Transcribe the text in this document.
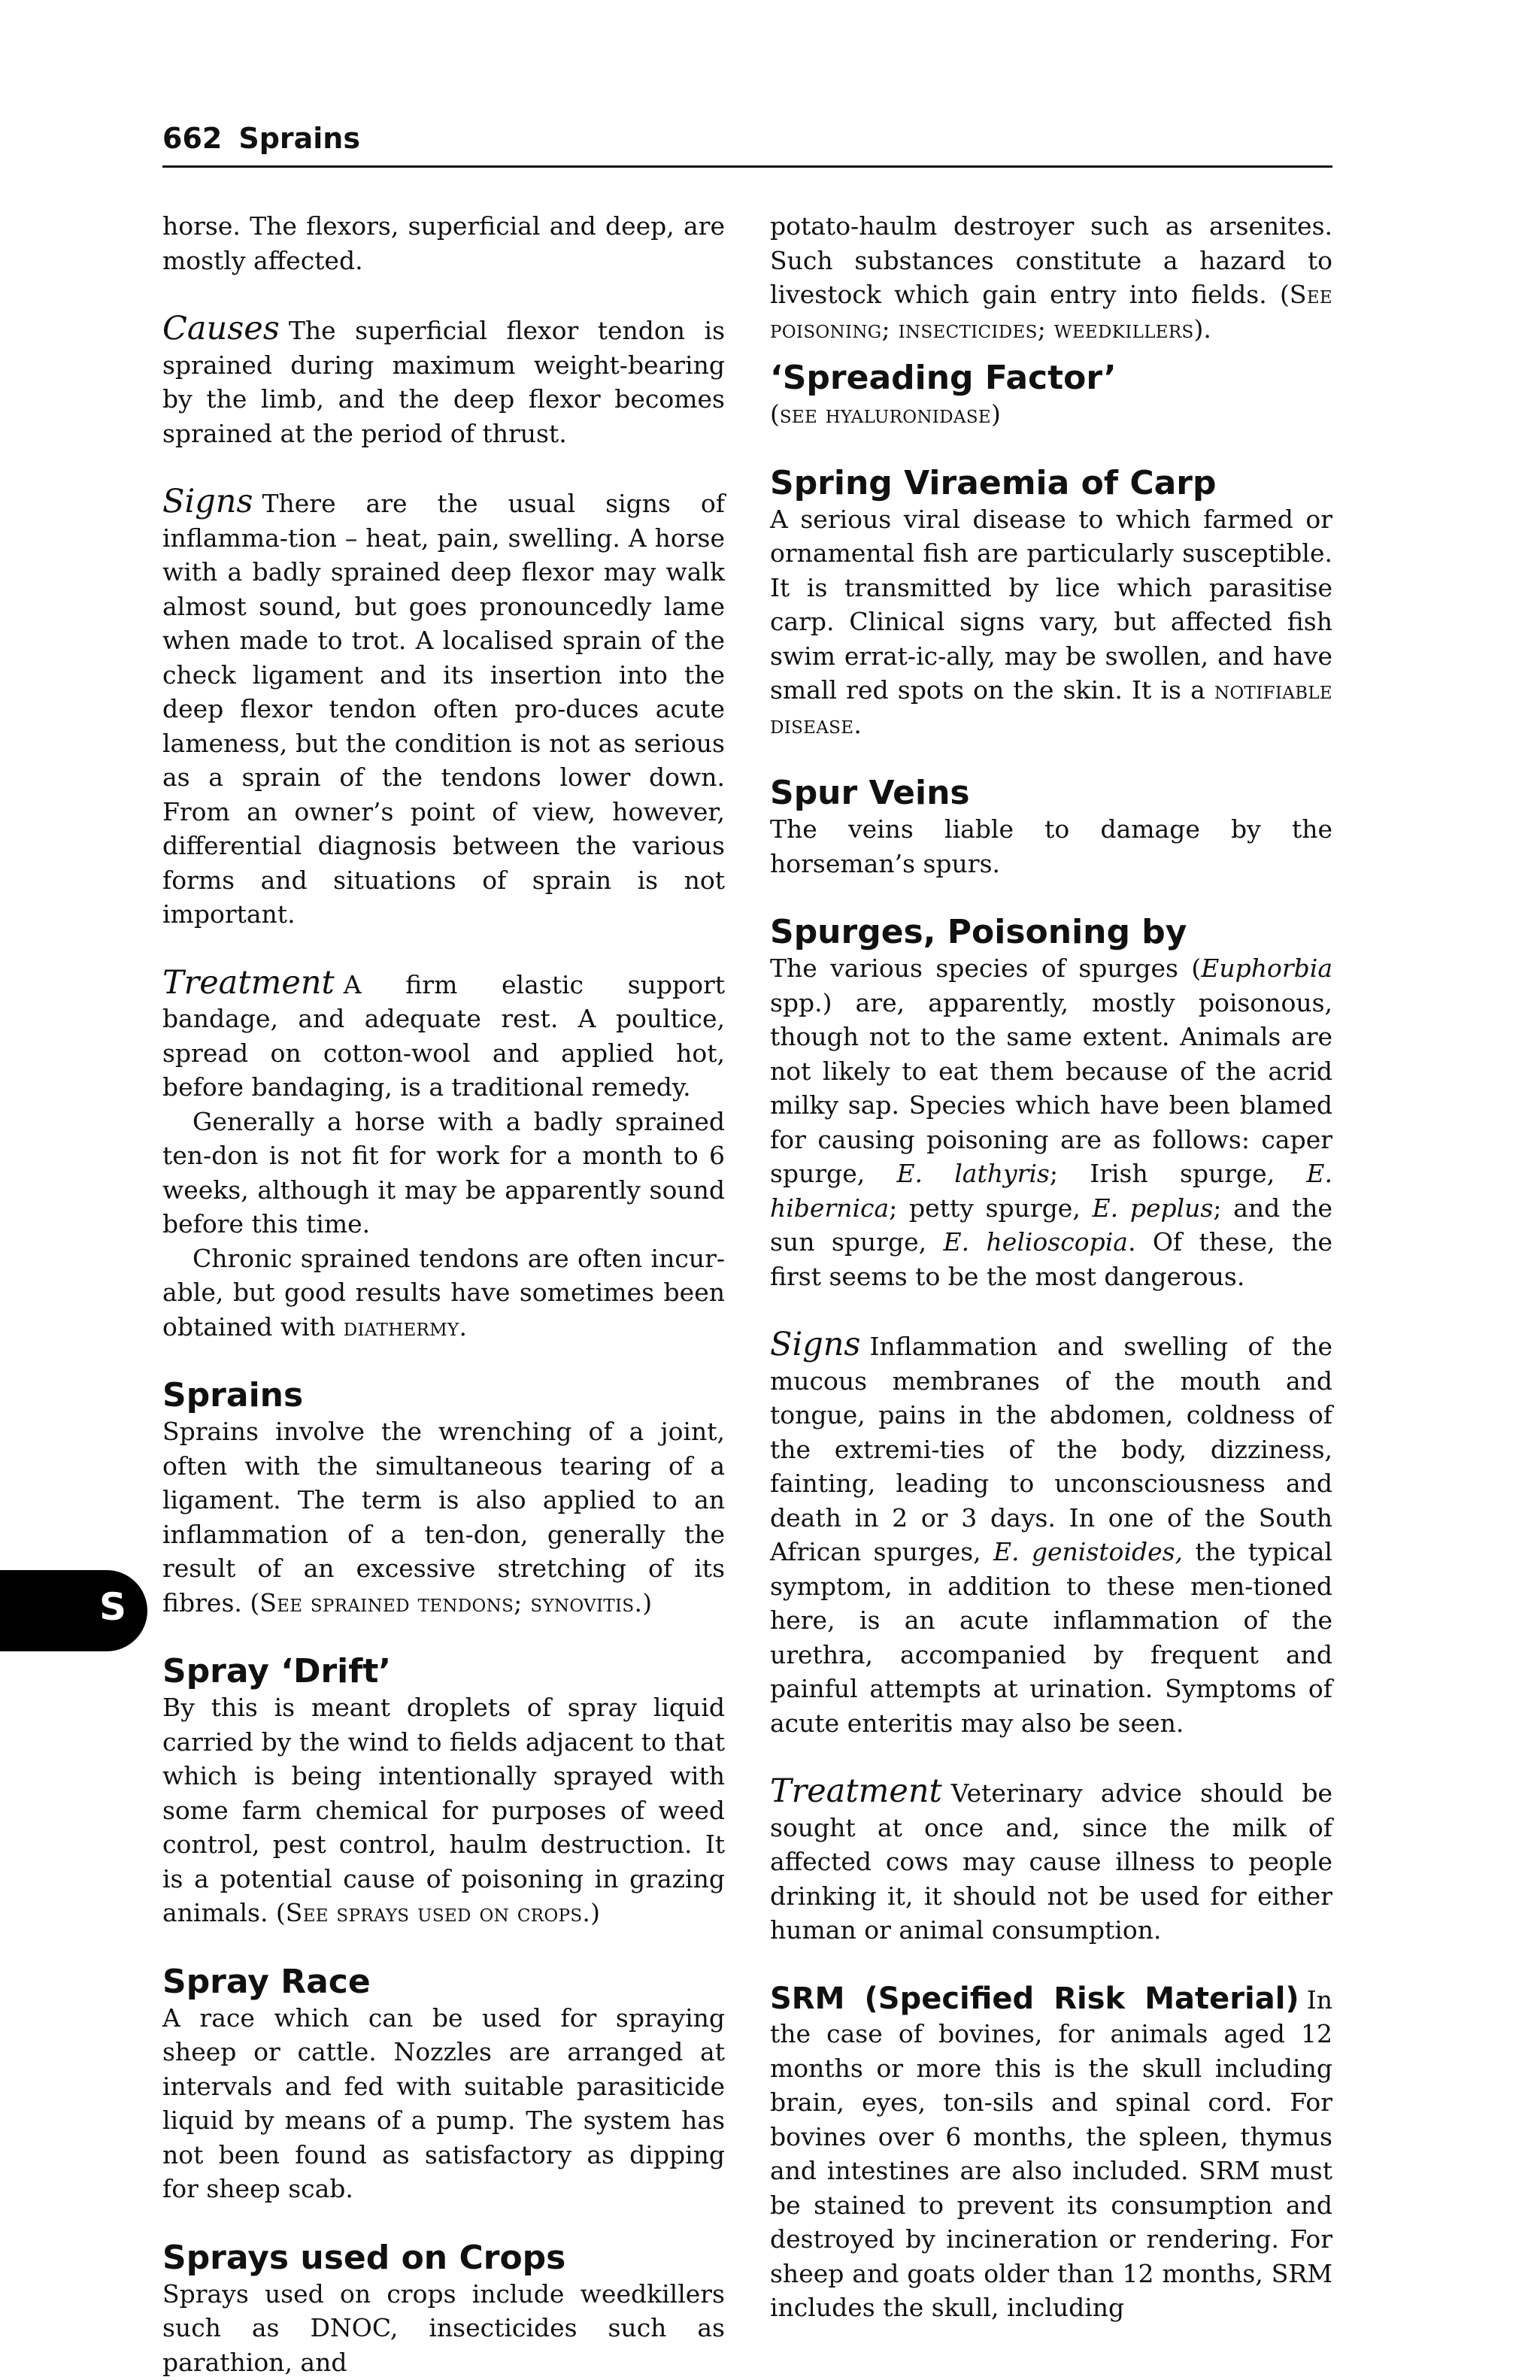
662 Sprains
S

horse. The flexors, superficial and deep, are mostly affected.

Causes The superficial flexor tendon is sprained during maximum weight-bearing by the limb, and the deep flexor becomes sprained at the period of thrust.

Signs There are the usual signs of inflamma-tion – heat, pain, swelling. A horse with a badly sprained deep flexor may walk almost sound, but goes pronouncedly lame when made to trot. A localised sprain of the check ligament and its insertion into the deep flexor tendon often pro-duces acute lameness, but the condition is not as serious as a sprain of the tendons lower down. From an owner’s point of view, however, differential diagnosis between the various forms and situations of sprain is not important.

Treatment A firm elastic support bandage, and adequate rest. A poultice, spread on cotton-wool and applied hot, before bandaging, is a traditional remedy.

Generally a horse with a badly sprained ten-don is not fit for work for a month to 6 weeks, although it may be apparently sound before this time.

Chronic sprained tendons are often incur-able, but good results have sometimes been obtained with diathermy.

Sprains

Sprains involve the wrenching of a joint, often with the simultaneous tearing of a ligament. The term is also applied to an inflammation of a ten-don, generally the result of an excessive stretching of its fibres. (See sprained tendons; synovitis.)

Spray ‘Drift’

By this is meant droplets of spray liquid carried by the wind to fields adjacent to that which is being intentionally sprayed with some farm chemical for purposes of weed control, pest control, haulm destruction. It is a potential cause of poisoning in grazing animals. (See sprays used on crops.)

Spray Race

A race which can be used for spraying sheep or cattle. Nozzles are arranged at intervals and fed with suitable parasiticide liquid by means of a pump. The system has not been found as satisfactory as dipping for sheep scab.

Sprays used on Crops

Sprays used on crops include weedkillers such as DNOC, insecticides such as parathion, and

potato-haulm destroyer such as arsenites. Such substances constitute a hazard to livestock which gain entry into fields. (See poisoning; insecticides; weedkillers).

‘Spreading Factor’

(see hyaluronidase)

Spring Viraemia of Carp

A serious viral disease to which farmed or ornamental fish are particularly susceptible. It is transmitted by lice which parasitise carp. Clinical signs vary, but affected fish swim errat-ic-ally, may be swollen, and have small red spots on the skin. It is a notifiable disease.

Spur Veins

The veins liable to damage by the horseman’s spurs.

Spurges, Poisoning by

The various species of spurges (Euphorbia spp.) are, apparently, mostly poisonous, though not to the same extent. Animals are not likely to eat them because of the acrid milky sap. Species which have been blamed for causing poisoning are as follows: caper spurge, E. lathyris; Irish spurge, E. hibernica; petty spurge, E. peplus; and the sun spurge, E. helioscopia. Of these, the first seems to be the most dangerous.

Signs Inflammation and swelling of the mucous membranes of the mouth and tongue, pains in the abdomen, coldness of the extremi-ties of the body, dizziness, fainting, leading to unconsciousness and death in 2 or 3 days. In one of the South African spurges, E. genistoides, the typical symptom, in addition to these men-tioned here, is an acute inflammation of the urethra, accompanied by frequent and painful attempts at urination. Symptoms of acute enteritis may also be seen.

Treatment Veterinary advice should be sought at once and, since the milk of affected cows may cause illness to people drinking it, it should not be used for either human or animal consumption.

SRM (Specified Risk Material) In the case of bovines, for animals aged 12 months or more this is the skull including brain, eyes, ton-sils and spinal cord. For bovines over 6 months, the spleen, thymus and intestines are also included. SRM must be stained to prevent its consumption and destroyed by incineration or rendering. For sheep and goats older than 12 months, SRM includes the skull, including
